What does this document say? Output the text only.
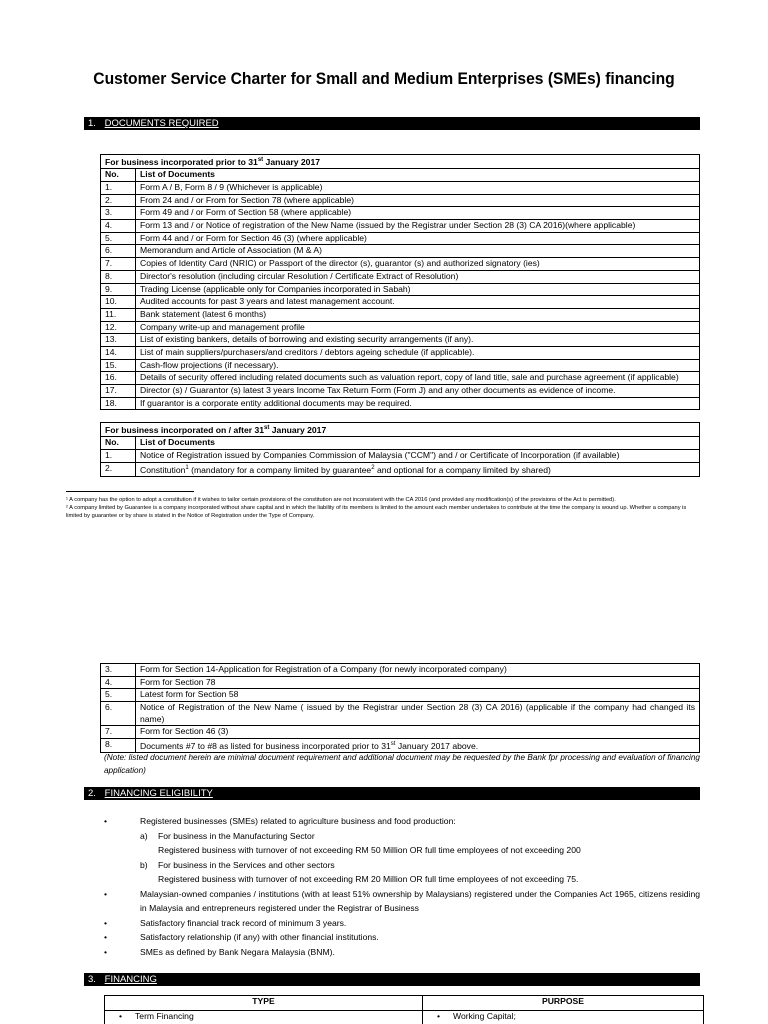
Customer Service Charter for Small and Medium Enterprises (SMEs) financing
1. DOCUMENTS REQUIRED
For business incorporated prior to 31st January 2017	
No.	List of Documents
1.	Form A / B, Form 8 / 9 (Whichever is applicable)
2.	From 24 and / or From for Section 78 (where applicable)
3.	Form 49 and / or Form of Section 58 (where applicable)
4.	Form 13 and / or Notice of registration of the New Name (issued by the Registrar under Section 28 (3) CA 2016)(where applicable)
5.	Form 44 and / or Form for Section 46 (3) (where applicable)
6.	Memorandum and Article of Association (M & A)
7.	Copies of Identity Card (NRIC) or Passport of the director (s), guarantor (s) and authorized signatory (ies)
8.	Director's resolution (including circular Resolution / Certificate Extract of Resolution)
9.	Trading License (applicable only for Companies incorporated in Sabah)
10.	Audited accounts for past 3 years and latest management account.
11.	Bank statement (latest 6 months)
12.	Company write-up and management profile
13.	List of existing bankers, details of borrowing and existing security arrangements (if any).
14.	List of main suppliers/purchasers/and creditors / debtors ageing schedule (if applicable).
15.	Cash-flow projections (if necessary).
16.	Details of security offered including related documents such as valuation report, copy of land title, sale and purchase agreement (if applicable)
17.	Director (s) / Guarantor (s) latest 3 years Income Tax Return Form (Form J) and any other documents as evidence of income.
18.	If guarantor is a corporate entity additional documents may be required.
For business incorporated on / after 31st January 2017	
No.	List of Documents
1.	Notice of Registration issued by Companies Commission of Malaysia ("CCM") and / or Certificate of Incorporation (if available)
2.	Constitution$^1$ (mandatory for a company limited by guarantee$^2$ and optional for a company limited by shared)
¹ A company has the option to adopt a constitution if it wishes to tailor certain provisions of the constitution are not inconsistent with the CA 2016 (and provided any modification(s) of the provisions of the Act is permitted).
² A company limited by Guarantee is a company incorporated without share capital and in which the liability of its members is limited to the amount each member undertakes to contribute at the time the company is wound up. Whether a company is limited by guarantee or by share is stated in the Notice of Registration under the Type of Company.
3.	Form for Section 14-Application for Registration of a Company (for newly incorporated company)
4.	Form for Section 78
5.	Latest form for Section 58
6.	Notice of Registration of the New Name ( issued by the Registrar under Section 28 (3) CA 2016) (applicable if the company had changed its name)
7.	Form for Section 46 (3)
8.	Documents #7 to #8 as listed for business incorporated prior to 31st January 2017 above.
(Note: listed document herein are minimal document requirement and additional document may be requested by the Bank fpr processing and evaluation of financing application)
2. FINANCING ELIGIBILITY
•	Registered businesses (SMEs) related to agriculture business and food production:
a) For business in the Manufacturing Sector
Registered business with turnover of not exceeding RM 50 Million OR full time employees of not exceeding 200
b) For business in the Services and other sectors
Registered business with turnover of not exceeding RM 20 Million OR full time employees of not exceeding 75.
•	Malaysian-owned companies / institutions (with at least 51% ownership by Malaysians) registered under the Companies Act 1965, citizens residing in Malaysia and entrepreneurs registered under the Registrar of Business
•	Satisfactory financial track record of minimum 3 years.
•	Satisfactory relationship (if any) with other financial institutions.
•	SMEs as defined by Bank Negara Malaysia (BNM).
3. FINANCING
TYPE	PURPOSE
• Term Financing	• Working Capital;
